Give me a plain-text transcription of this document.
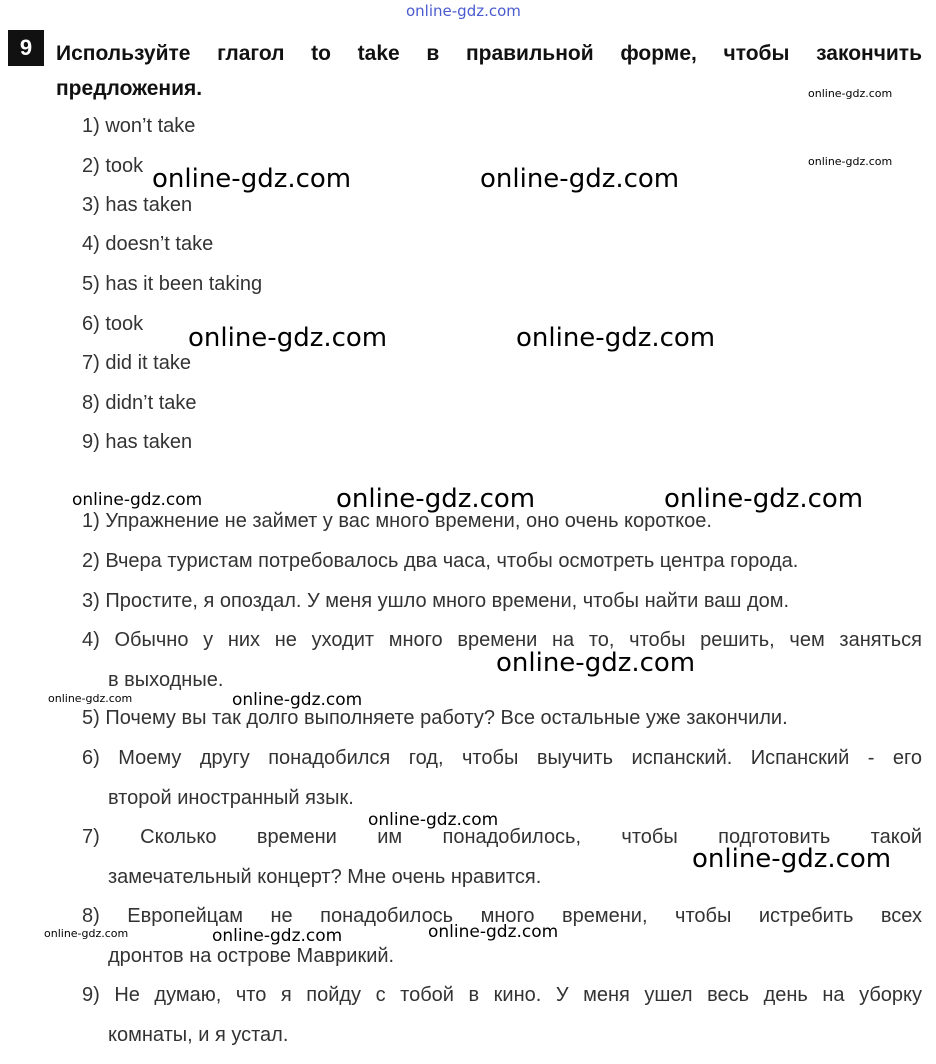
online-gdz.com
9	Используйте глагол to take в правильной форме, чтобы закончить
предложения.
1) won’t take
2) took
3) has taken
4) doesn’t take
5) has it been taking
6) took
7) did it take
8) didn’t take
9) has taken
1) Упражнение не займет у вас много времени, оно очень короткое.
2) Вчера туристам потребовалось два часа, чтобы осмотреть центра города.
3) Простите, я опоздал. У меня ушло много времени, чтобы найти ваш дом.
4) Обычно у них не уходит много времени на то, чтобы решить, чем заняться
в выходные.
5) Почему вы так долго выполняете работу? Все остальные уже закончили.
6) Моему другу понадобился год, чтобы выучить испанский. Испанский - его
второй иностранный язык.
7) Сколько времени им понадобилось, чтобы подготовить такой
замечательный концерт? Мне очень нравится.
8) Европейцам не понадобилось много времени, чтобы истребить всех
дронтов на острове Маврикий.
9) Не думаю, что я пойду с тобой в кино. У меня ушел весь день на уборку
комнаты, и я устал.
online-gdz.com
online-gdz.com
online-gdz.com	online-gdz.com
online-gdz.com	online-gdz.com
online-gdz.com	online-gdz.com	online-gdz.com
online-gdz.com
online-gdz.com	online-gdz.com
online-gdz.com
online-gdz.com
online-gdz.com	online-gdz.com	online-gdz.com
